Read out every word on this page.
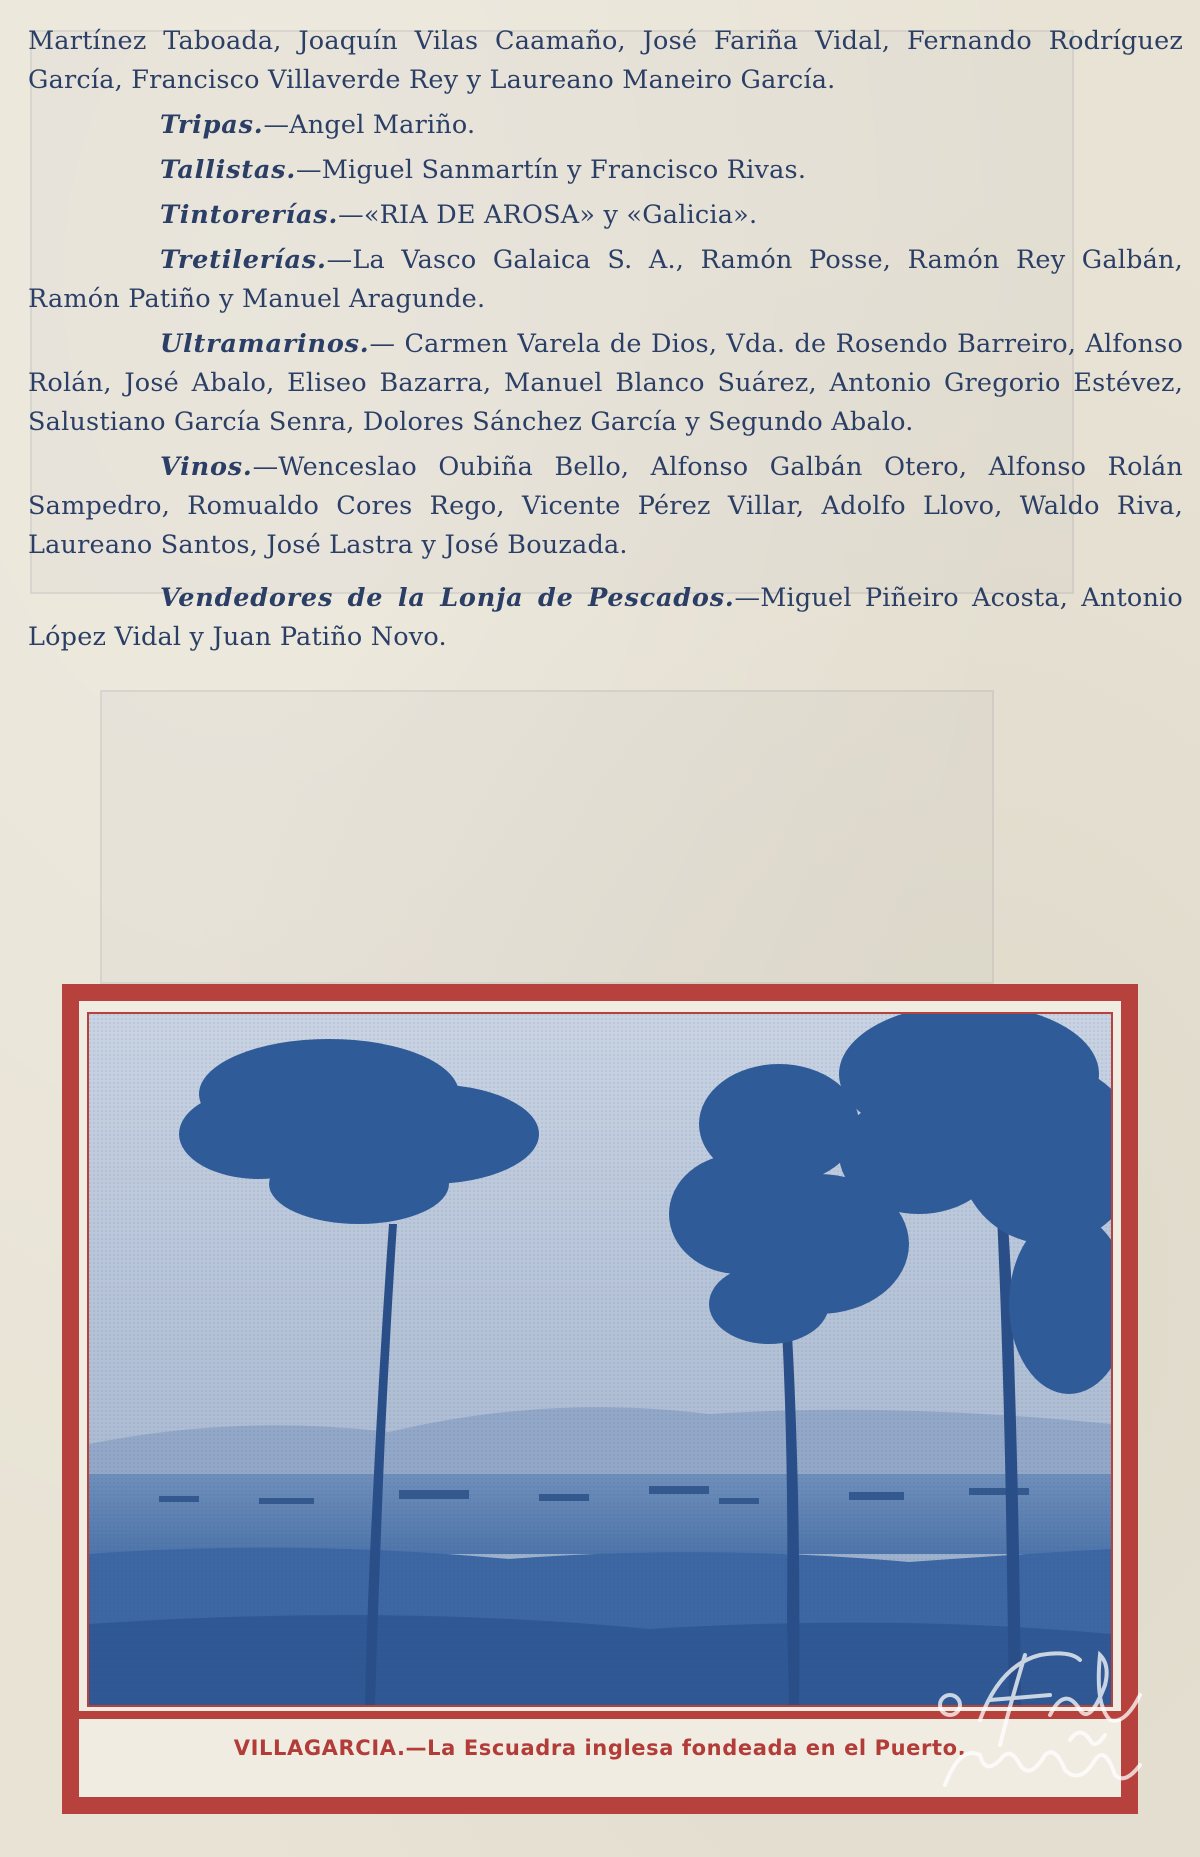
Martínez Taboada, Joaquín Vilas Caamaño, José Fariña Vidal, Fernando Rodríguez García, Francisco Villaverde Rey y Laureano Maneiro García.

Tripas.—Angel Mariño.

Tallistas.—Miguel Sanmartín y Francisco Rivas.

Tintorerías.—«RIA DE AROSA» y «Galicia».

Tretilerías.—La Vasco Galaica S. A., Ramón Posse, Ramón Rey Galbán, Ramón Patiño y Manuel Aragunde.

Ultramarinos.— Carmen Varela de Dios, Vda. de Rosendo Barreiro, Alfonso Rolán, José Abalo, Eliseo Bazarra, Manuel Blanco Suárez, Antonio Gregorio Estévez, Salustiano García Senra, Dolores Sánchez García y Segundo Abalo.

Vinos.—Wenceslao Oubiña Bello, Alfonso Galbán Otero, Alfonso Rolán Sampedro, Romualdo Cores Rego, Vicente Pérez Villar, Adolfo Llovo, Waldo Riva, Laureano Santos, José Lastra y José Bouzada.

Vendedores de la Lonja de Pescados.—Miguel Piñeiro Acosta, Antonio López Vidal y Juan Patiño Novo.

VILLAGARCIA.—La Escuadra inglesa fondeada en el Puerto.
